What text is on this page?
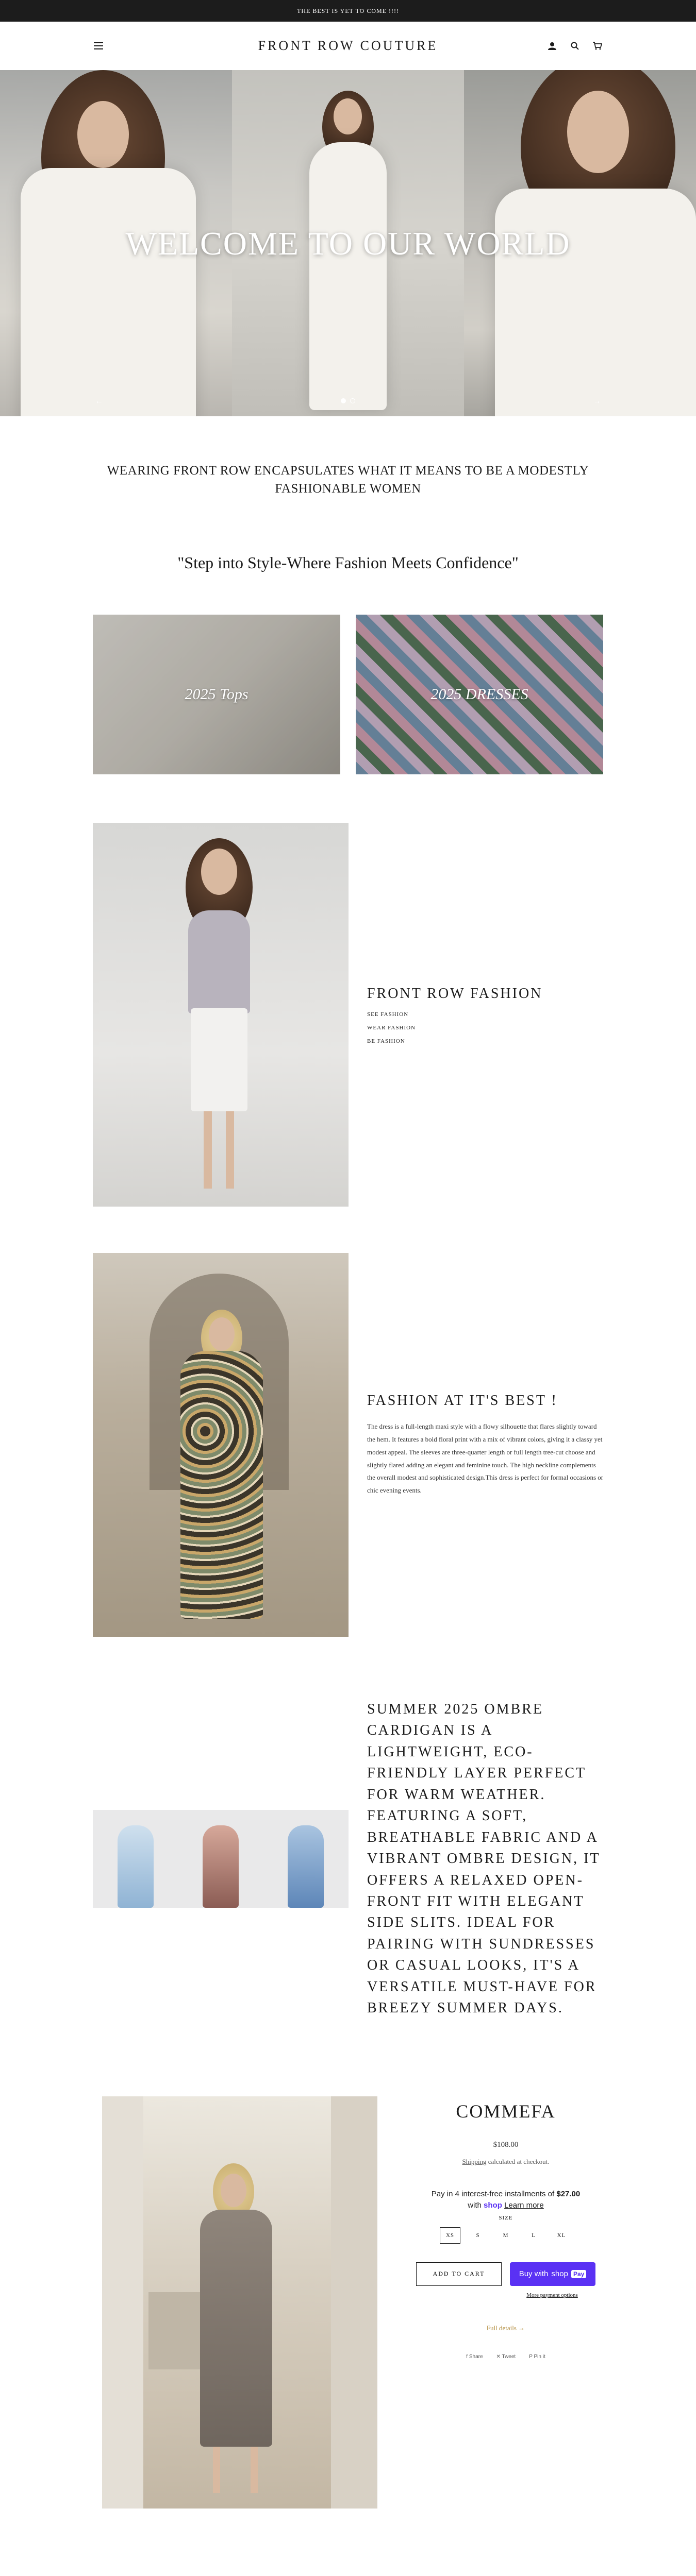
THE BEST IS YET TO COME !!!!
FRONT ROW COUTURE
WELCOME TO OUR WORLD
←	→
WEARING FRONT ROW ENCAPSULATES WHAT IT MEANS TO BE A MODESTLY FASHIONABLE WOMEN
"Step into Style-Where Fashion Meets Confidence"
2025 Tops	2025 DRESSES
FRONT ROW FASHION
SEE FASHION
WEAR FASHION
BE FASHION
FASHION AT IT'S BEST !

The dress is a full-length maxi style with a flowy silhouette that flares slightly toward the hem. It features a bold floral print with a mix of vibrant colors, giving it a classy yet modest appeal. The sleeves are three-quarter length or full length tree-cut choose and slightly flared adding an elegant and feminine touch. The high neckline complements the overall modest and sophisticated design.This dress is perfect for formal occasions or chic evening events.

SUMMER 2025 OMBRE CARDIGAN IS A LIGHTWEIGHT, ECO-FRIENDLY LAYER PERFECT FOR WARM WEATHER. FEATURING A SOFT, BREATHABLE FABRIC AND A VIBRANT OMBRE DESIGN, IT OFFERS A RELAXED OPEN-FRONT FIT WITH ELEGANT SIDE SLITS. IDEAL FOR PAIRING WITH SUNDRESSES OR CASUAL LOOKS, IT'S A VERSATILE MUST-HAVE FOR BREEZY SUMMER DAYS.
COMMEFA
$108.00
Shipping calculated at checkout.
Pay in 4 interest-free installments of $27.00
with shop Learn more
SIZE
XS	S	M	L	XL
ADD TO CART	Buy with shop Pay
More payment options
Full details →
f Share	✕ Tweet	P Pin it
